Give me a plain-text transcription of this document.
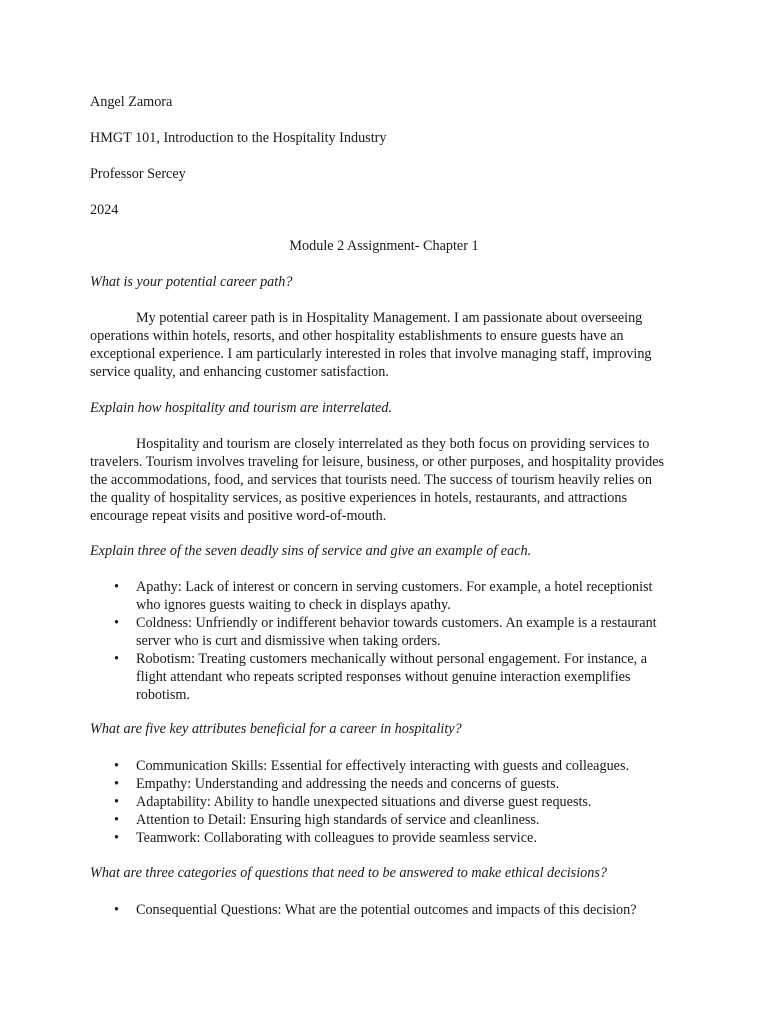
Angel Zamora

HMGT 101, Introduction to the Hospitality Industry

Professor Sercey

2024

Module 2 Assignment- Chapter 1

What is your potential career path?

My potential career path is in Hospitality Management. I am passionate about overseeing operations within hotels, resorts, and other hospitality establishments to ensure guests have an exceptional experience. I am particularly interested in roles that involve managing staff, improving service quality, and enhancing customer satisfaction.

Explain how hospitality and tourism are interrelated.

Hospitality and tourism are closely interrelated as they both focus on providing services to travelers. Tourism involves traveling for leisure, business, or other purposes, and hospitality provides the accommodations, food, and services that tourists need. The success of tourism heavily relies on the quality of hospitality services, as positive experiences in hotels, restaurants, and attractions encourage repeat visits and positive word-of-mouth.

Explain three of the seven deadly sins of service and give an example of each.

• Apathy: Lack of interest or concern in serving customers. For example, a hotel receptionist who ignores guests waiting to check in displays apathy.
• Coldness: Unfriendly or indifferent behavior towards customers. An example is a restaurant server who is curt and dismissive when taking orders.
• Robotism: Treating customers mechanically without personal engagement. For instance, a flight attendant who repeats scripted responses without genuine interaction exemplifies robotism.

What are five key attributes beneficial for a career in hospitality?

• Communication Skills: Essential for effectively interacting with guests and colleagues.
• Empathy: Understanding and addressing the needs and concerns of guests.
• Adaptability: Ability to handle unexpected situations and diverse guest requests.
• Attention to Detail: Ensuring high standards of service and cleanliness.
• Teamwork: Collaborating with colleagues to provide seamless service.

What are three categories of questions that need to be answered to make ethical decisions?

• Consequential Questions: What are the potential outcomes and impacts of this decision?
